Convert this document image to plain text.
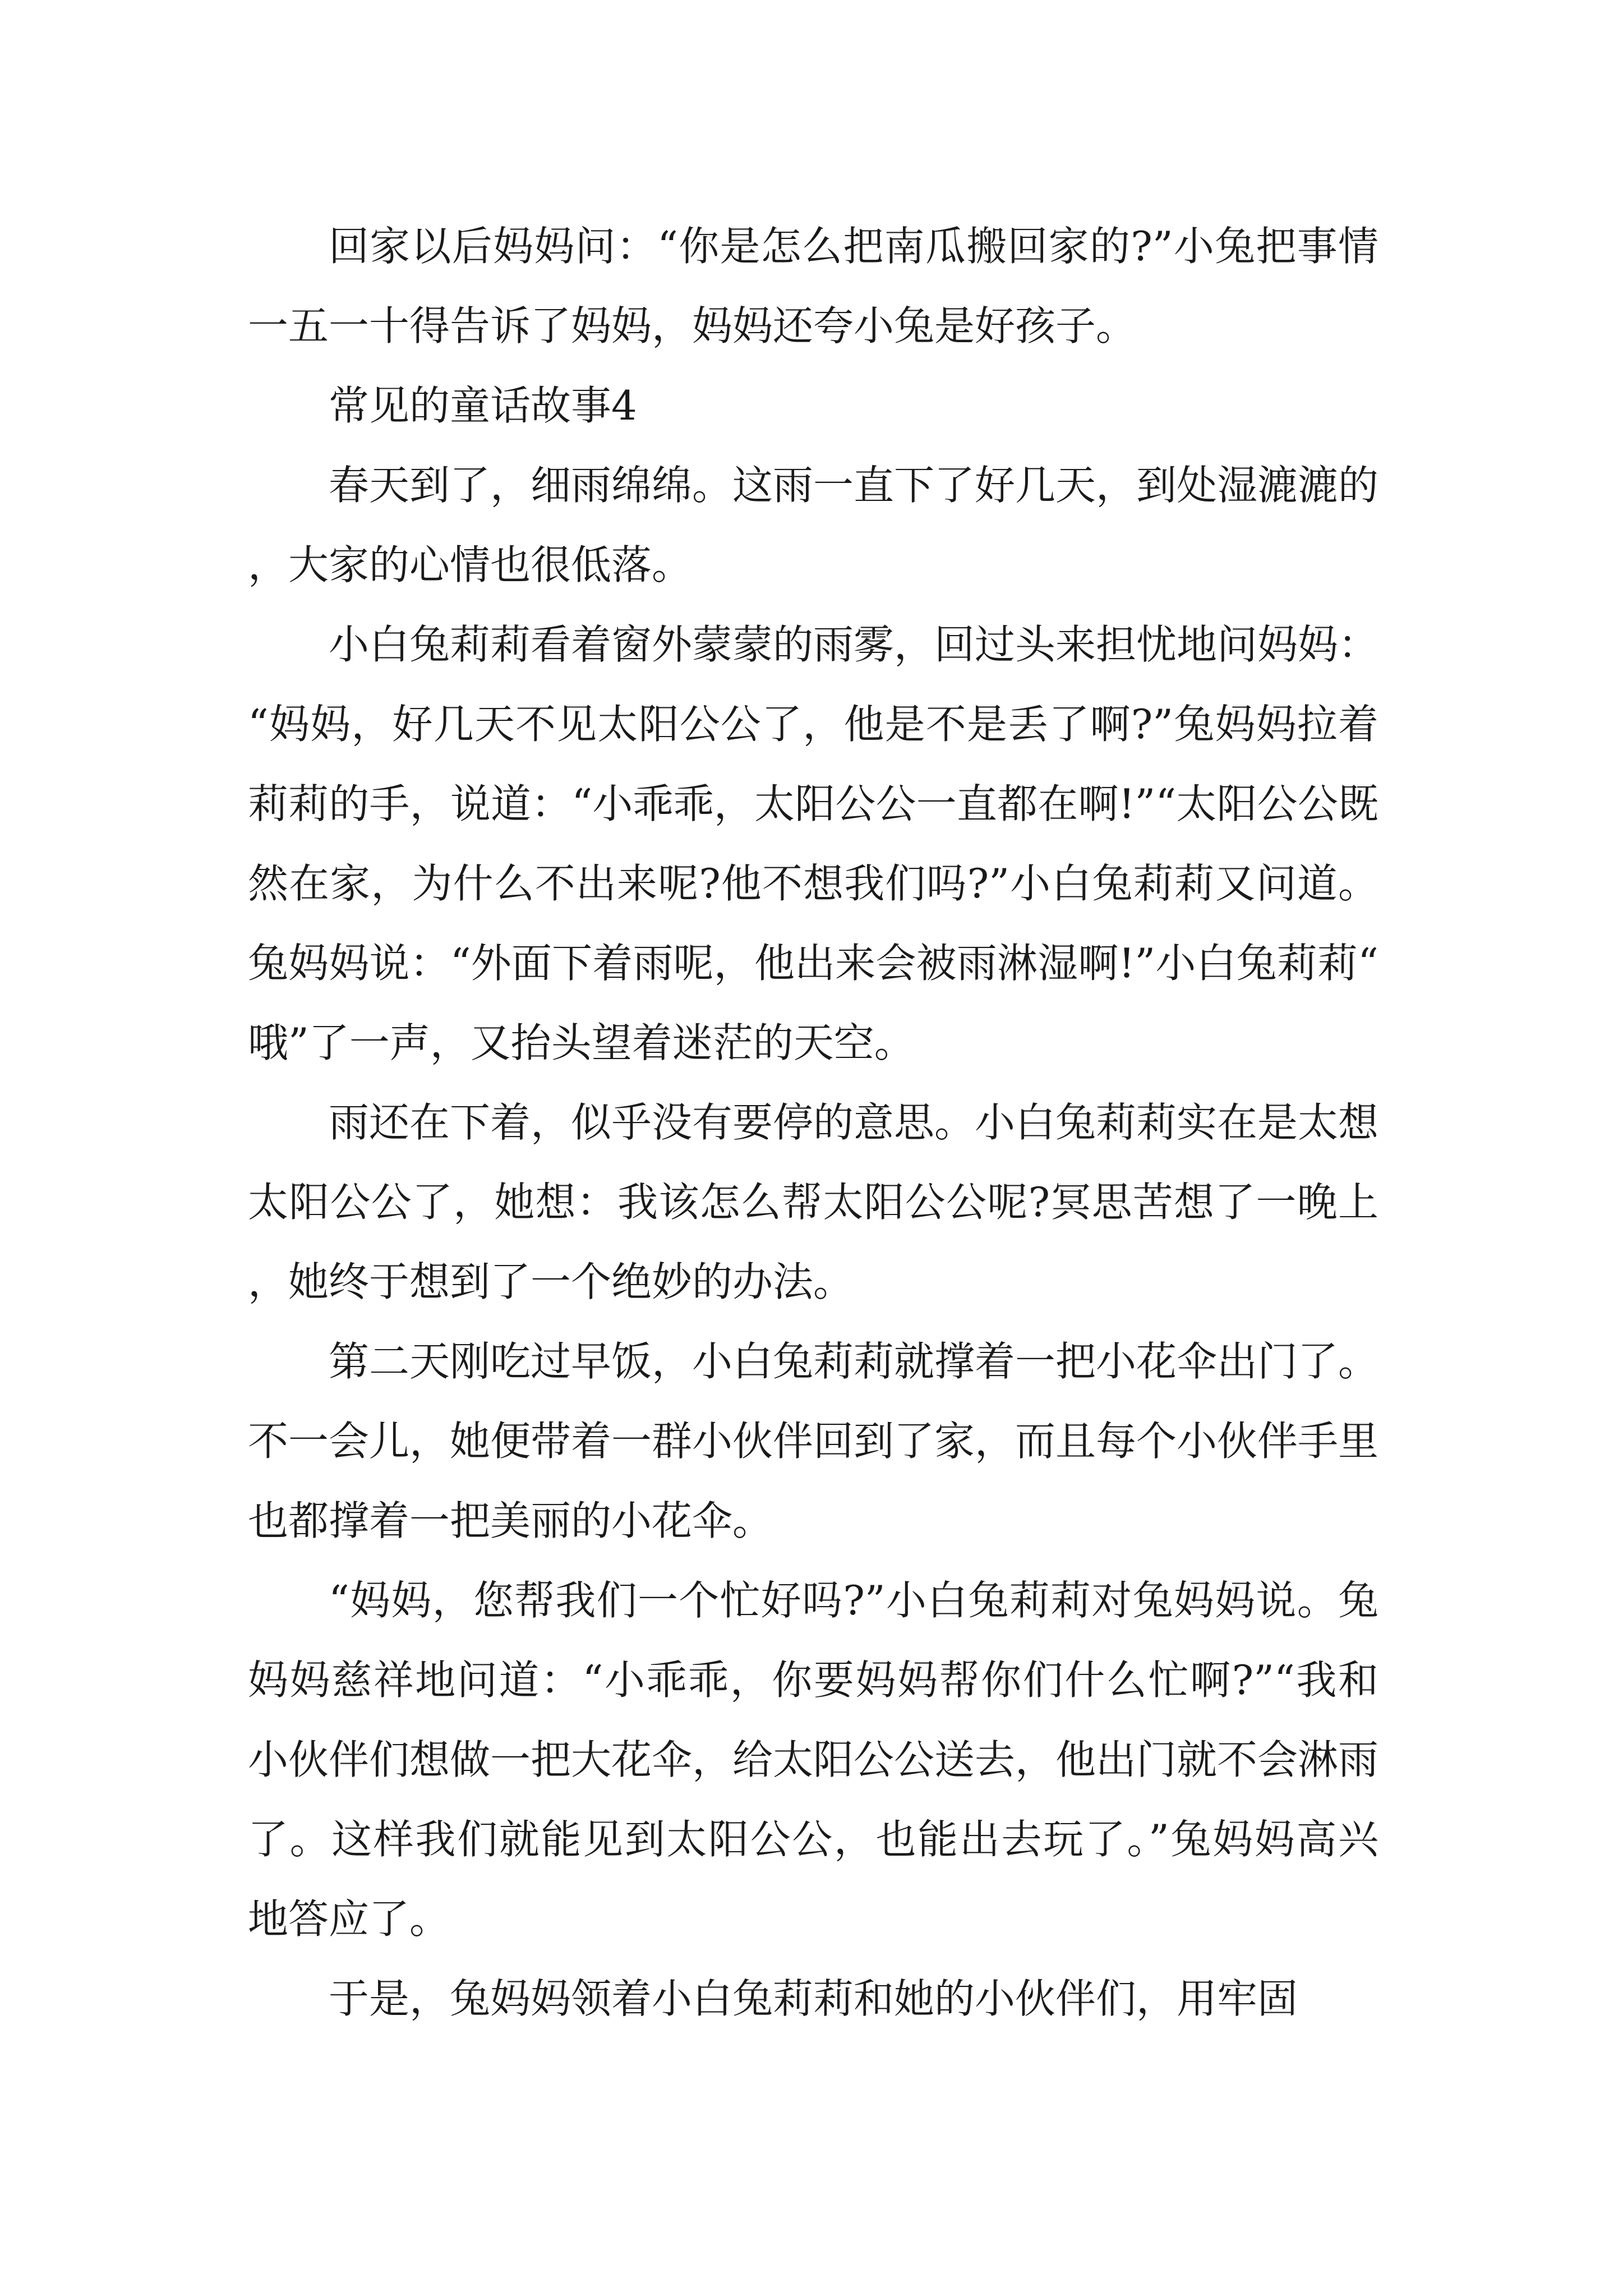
回家以后妈妈问：“你是怎么把南瓜搬回家的?”小兔把事情一五一十得告诉了妈妈，妈妈还夸小兔是好孩子。

常见的童话故事4

春天到了，细雨绵绵。这雨一直下了好几天，到处湿漉漉的，大家的心情也很低落。

小白兔莉莉看着窗外蒙蒙的雨雾，回过头来担忧地问妈妈：“妈妈，好几天不见太阳公公了，他是不是丢了啊?”兔妈妈拉着莉莉的手，说道：“小乖乖，太阳公公一直都在啊!”“太阳公公既然在家，为什么不出来呢?他不想我们吗?”小白兔莉莉又问道。兔妈妈说：“外面下着雨呢，他出来会被雨淋湿啊!”小白兔莉莉“哦”了一声，又抬头望着迷茫的天空。

雨还在下着，似乎没有要停的意思。小白兔莉莉实在是太想太阳公公了，她想：我该怎么帮太阳公公呢?冥思苦想了一晚上，她终于想到了一个绝妙的办法。

第二天刚吃过早饭，小白兔莉莉就撑着一把小花伞出门了。不一会儿，她便带着一群小伙伴回到了家，而且每个小伙伴手里也都撑着一把美丽的小花伞。

“妈妈，您帮我们一个忙好吗?”小白兔莉莉对兔妈妈说。兔妈妈慈祥地问道：“小乖乖，你要妈妈帮你们什么忙啊?”“我和小伙伴们想做一把大花伞，给太阳公公送去，他出门就不会淋雨了。这样我们就能见到太阳公公，也能出去玩了。”兔妈妈高兴地答应了。

于是，兔妈妈领着小白兔莉莉和她的小伙伴们，用牢固
